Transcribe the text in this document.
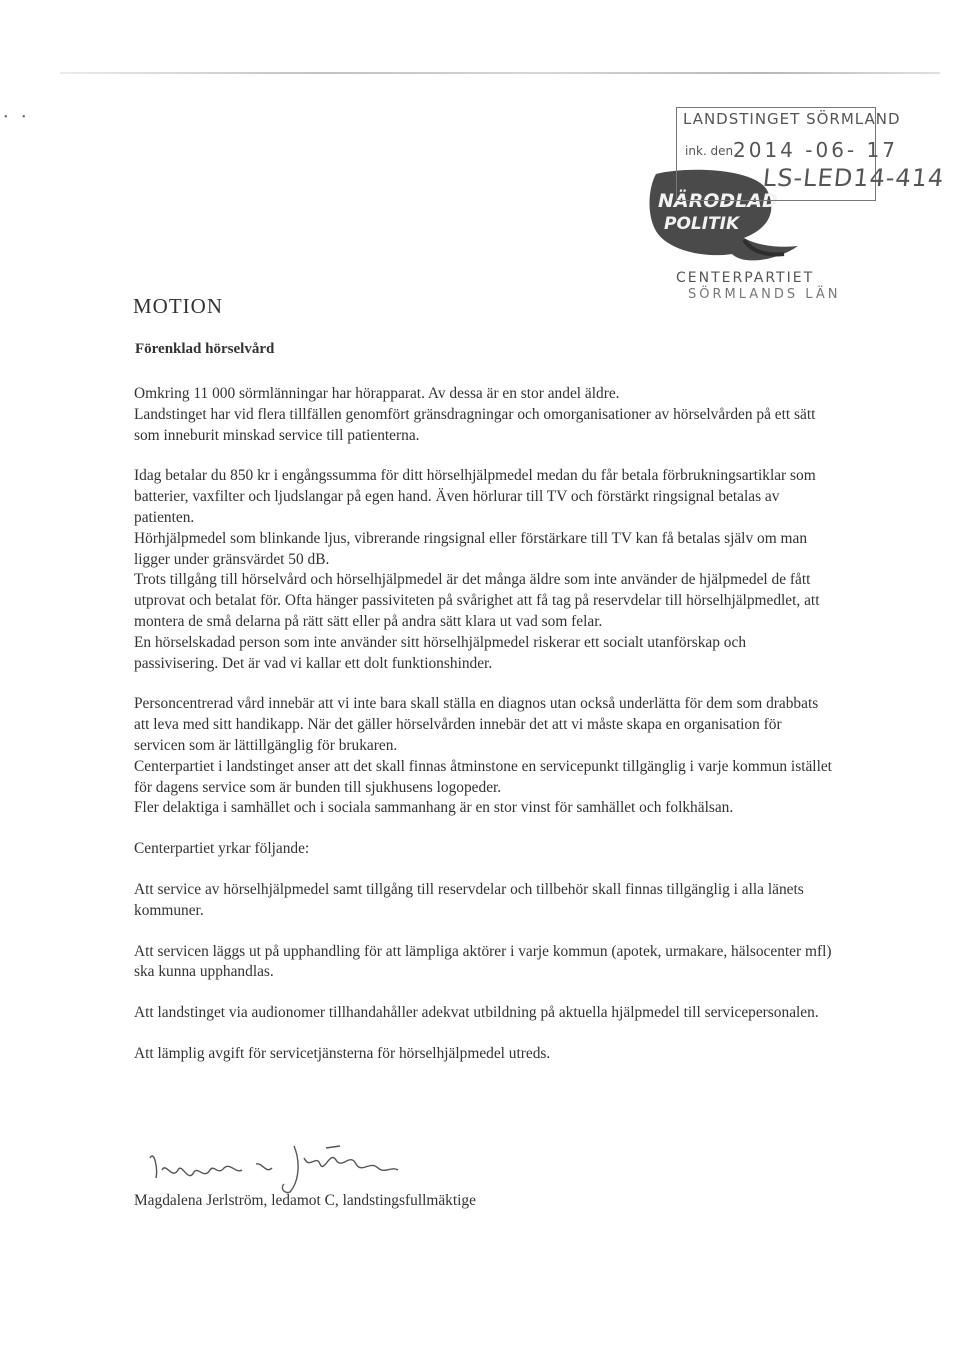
• •
NÄRODLAD
POLITIK
LANDSTINGET SÖRMLAND
ink. den 2014 -06- 17
LS-LED14-414
CENTERPARTIET
SÖRMLANDS LÄN
MOTION
Förenklad hörselvård

Omkring 11 000 sörmlänningar har hörapparat. Av dessa är en stor andel äldre.

Landstinget har vid flera tillfällen genomfört gränsdragningar och omorganisationer av hörselvården på ett sätt som inneburit minskad service till patienterna.

Idag betalar du 850 kr i engångssumma för ditt hörselhjälpmedel medan du får betala förbrukningsartiklar som batterier, vaxfilter och ljudslangar på egen hand. Även hörlurar till TV och förstärkt ringsignal betalas av patienten.

Hörhjälpmedel som blinkande ljus, vibrerande ringsignal eller förstärkare till TV kan få betalas själv om man ligger under gränsvärdet 50 dB.

Trots tillgång till hörselvård och hörselhjälpmedel är det många äldre som inte använder de hjälpmedel de fått utprovat och betalat för. Ofta hänger passiviteten på svårighet att få tag på reservdelar till hörselhjälpmedlet, att montera de små delarna på rätt sätt eller på andra sätt klara ut vad som felar.

En hörselskadad person som inte använder sitt hörselhjälpmedel riskerar ett socialt utanförskap och passivisering. Det är vad vi kallar ett dolt funktionshinder.

Personcentrerad vård innebär att vi inte bara skall ställa en diagnos utan också underlätta för dem som drabbats att leva med sitt handikapp. När det gäller hörselvården innebär det att vi måste skapa en organisation för servicen som är lättillgänglig för brukaren.

Centerpartiet i landstinget anser att det skall finnas åtminstone en servicepunkt tillgänglig i varje kommun istället för dagens service som är bunden till sjukhusens logopeder.

Fler delaktiga i samhället och i sociala sammanhang är en stor vinst för samhället och folkhälsan.

Centerpartiet yrkar följande:

Att service av hörselhjälpmedel samt tillgång till reservdelar och tillbehör skall finnas tillgänglig i alla länets kommuner.

Att servicen läggs ut på upphandling för att lämpliga aktörer i varje kommun (apotek, urmakare, hälsocenter mfl) ska kunna upphandlas.

Att landstinget via audionomer tillhandahåller adekvat utbildning på aktuella hjälpmedel till servicepersonalen.

Att lämplig avgift för servicetjänsterna för hörselhjälpmedel utreds.

Magdalena Jerlström, ledamot C, landstingsfullmäktige
